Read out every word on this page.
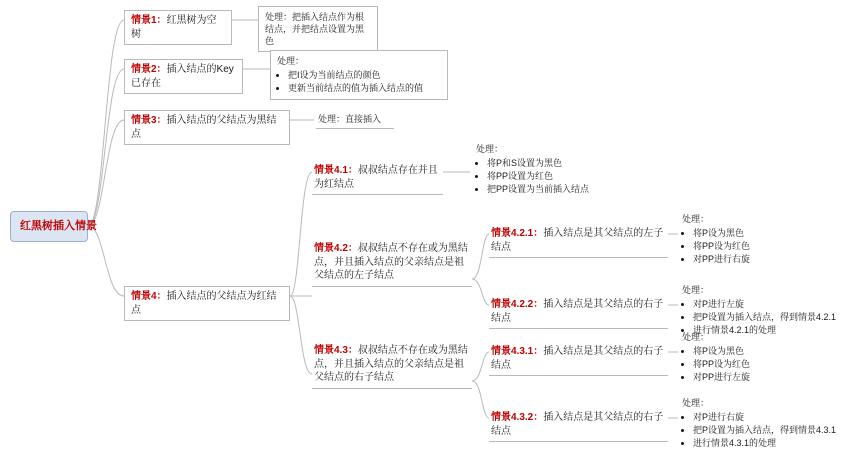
红黑树插入情景
情景1：红黑树为空树
处理：把插入结点作为根结点，并把结点设置为黑色
情景2：插入结点的Key已存在
处理：
• 把I设为当前结点的颜色
• 更新当前结点的值为插入结点的值
情景3：插入结点的父结点为黑结点
处理：直接插入
情景4：插入结点的父结点为红结点
情景4.1：叔叔结点存在并且为红结点
处理：
• 将P和S设置为黑色
• 将PP设置为红色
• 把PP设置为当前插入结点
情景4.2：叔叔结点不存在或为黑结点，并且插入结点的父亲结点是祖父结点的左子结点
情景4.2.1：插入结点是其父结点的左子结点
处理：
• 将P设为黑色
• 将PP设为红色
• 对PP进行右旋
情景4.2.2：插入结点是其父结点的右子结点
处理：
• 对P进行左旋
• 把P设置为插入结点，得到情景4.2.1
• 进行情景4.2.1的处理
情景4.3：叔叔结点不存在或为黑结点，并且插入结点的父亲结点是祖父结点的右子结点
情景4.3.1：插入结点是其父结点的右子结点
处理：
• 将P设为黑色
• 将PP设为红色
• 对PP进行左旋
情景4.3.2：插入结点是其父结点的右子结点
处理：
• 对P进行右旋
• 把P设置为插入结点，得到情景4.3.1
• 进行情景4.3.1的处理
